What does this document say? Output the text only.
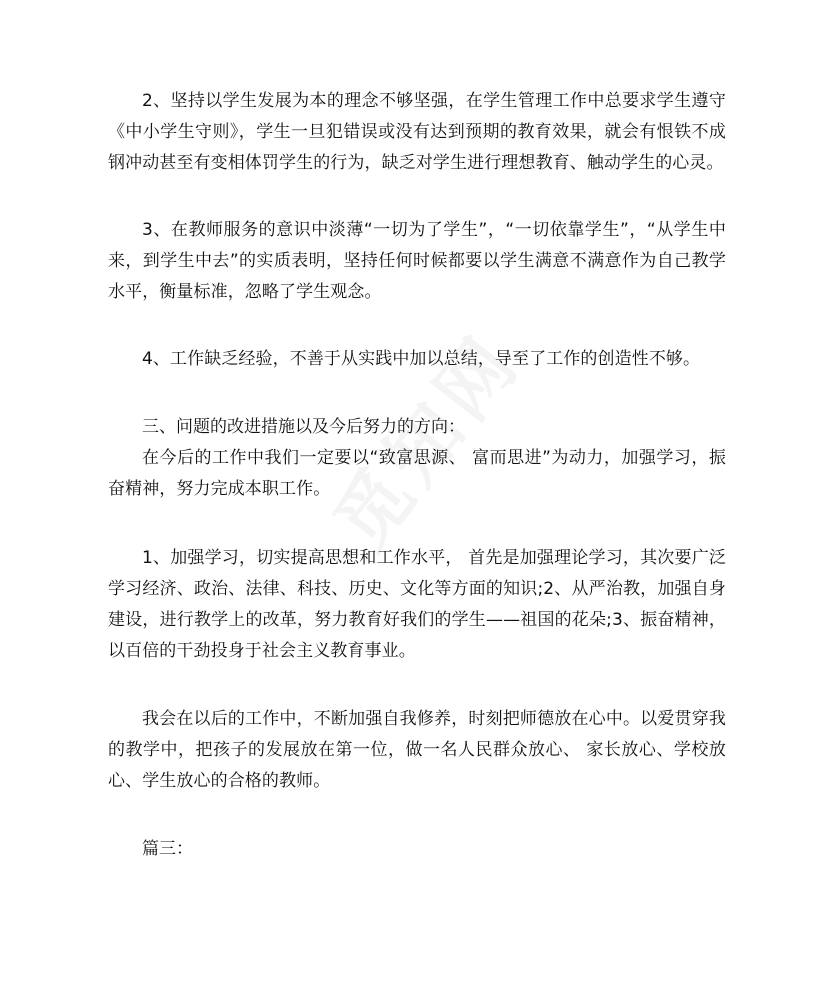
2、坚持以学生发展为本的理念不够坚强，在学生管理工作中总要求学生遵守《中小学生守则》，学生一旦犯错误或没有达到预期的教育效果，就会有恨铁不成钢冲动甚至有变相体罚学生的行为，缺乏对学生进行理想教育、触动学生的心灵。

3、在教师服务的意识中淡薄“一切为了学生”，“一切依靠学生”，“从学生中来，到学生中去”的实质表明，坚持任何时候都要以学生满意不满意作为自己教学水平，衡量标准，忽略了学生观念。

4、工作缺乏经验，不善于从实践中加以总结，导至了工作的创造性不够。

三、问题的改进措施以及今后努力的方向：

在今后的工作中我们一定要以“致富思源、 富而思进”为动力，加强学习，振奋精神，努力完成本职工作。

1、加强学习，切实提高思想和工作水平， 首先是加强理论学习，其次要广泛学习经济、政治、法律、科技、历史、文化等方面的知识;2、从严治教，加强自身建设，进行教学上的改革，努力教育好我们的学生——祖国的花朵;3、振奋精神，以百倍的干劲投身于社会主义教育事业。

我会在以后的工作中，不断加强自我修养，时刻把师德放在心中。以爱贯穿我的教学中，把孩子的发展放在第一位，做一名人民群众放心、 家长放心、学校放心、学生放心的合格的教师。

篇三：
